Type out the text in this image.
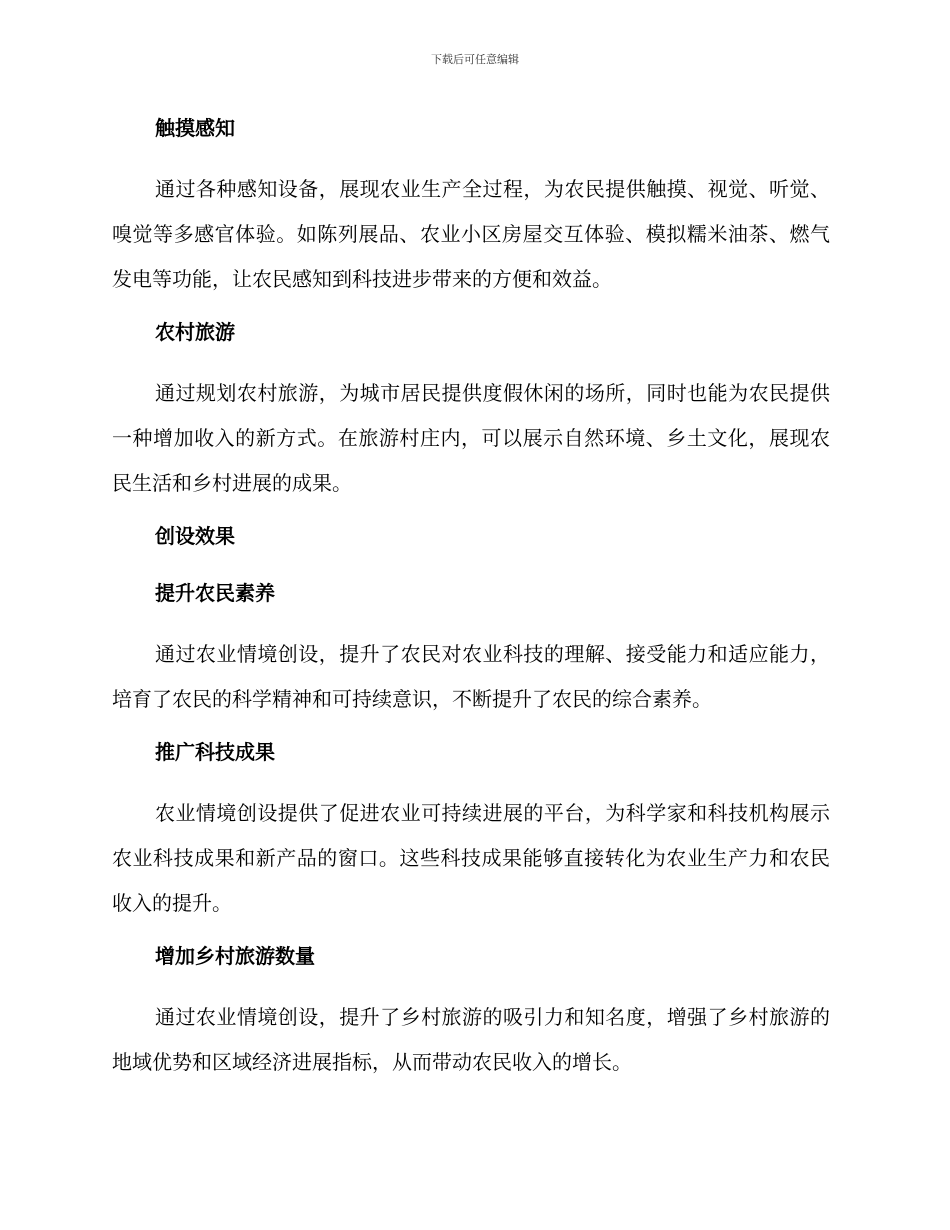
下载后可任意编辑
触摸感知

通过各种感知设备，展现农业生产全过程，为农民提供触摸、视觉、听觉、嗅觉等多感官体验。如陈列展品、农业小区房屋交互体验、模拟糯米油茶、燃气发电等功能，让农民感知到科技进步带来的方便和效益。

农村旅游

通过规划农村旅游，为城市居民提供度假休闲的场所，同时也能为农民提供一种增加收入的新方式。在旅游村庄内，可以展示自然环境、乡土文化，展现农民生活和乡村进展的成果。

创设效果
提升农民素养

通过农业情境创设，提升了农民对农业科技的理解、接受能力和适应能力，培育了农民的科学精神和可持续意识，不断提升了农民的综合素养。

推广科技成果

农业情境创设提供了促进农业可持续进展的平台，为科学家和科技机构展示农业科技成果和新产品的窗口。这些科技成果能够直接转化为农业生产力和农民收入的提升。

增加乡村旅游数量

通过农业情境创设，提升了乡村旅游的吸引力和知名度，增强了乡村旅游的地域优势和区域经济进展指标，从而带动农民收入的增长。
